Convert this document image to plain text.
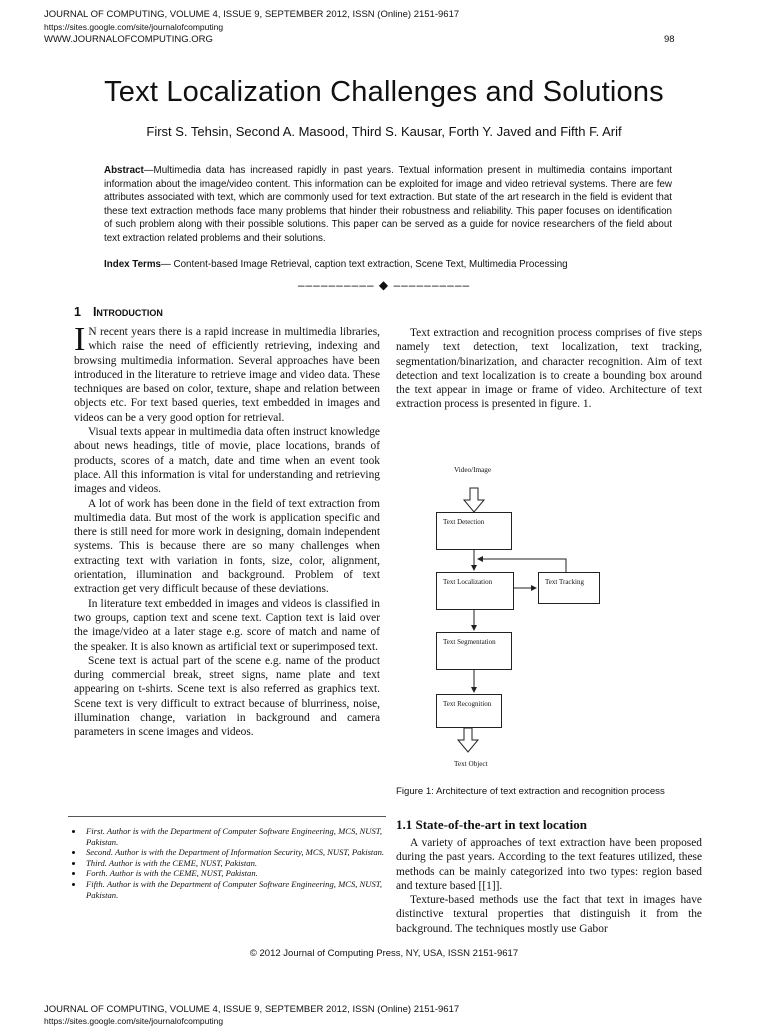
JOURNAL OF COMPUTING, VOLUME 4, ISSUE 9, SEPTEMBER 2012, ISSN (Online) 2151-9617
https://sites.google.com/site/journalofcomputing
WWW.JOURNALOFCOMPUTING.ORG	98
Text Localization Challenges and Solutions
First S. Tehsin, Second A. Masood, Third S. Kausar, Forth Y. Javed and Fifth F. Arif
Abstract—Multimedia data has increased rapidly in past years. Textual information present in multimedia contains important information about the image/video content. This information can be exploited for image and video retrieval systems. There are few attributes associated with text, which are commonly used for text extraction. But state of the art research in the field is evident that these text extraction methods face many problems that hinder their robustness and reliability. This paper focuses on identification of such problem along with their possible solutions. This paper can be served as a guide for novice researchers of the field about text extraction related problems and their solutions.
Index Terms— Content-based Image Retrieval, caption text extraction, Scene Text, Multimedia Processing
–––––––––– ◆ ––––––––––
1 Introduction

I N recent years there is a rapid increase in multimedia libraries, which raise the need of efficiently retrieving, indexing and browsing multimedia information. Several approaches have been introduced in the literature to retrieve image and video data. These techniques are based on color, texture, shape and relation between objects etc. For text based queries, text embedded in images and videos can be a very good option for retrieval.

Visual texts appear in multimedia data often instruct knowledge about news headings, title of movie, place locations, brands of products, scores of a match, date and time when an event took place. All this information is vital for understanding and retrieving images and videos.

A lot of work has been done in the field of text extraction from multimedia data. But most of the work is application specific and there is still need for more work in designing, domain independent systems. This is because there are so many challenges when extracting text with variation in fonts, size, color, alignment, orientation, illumination and background. Problem of text extraction get very difficult because of these deviations.

In literature text embedded in images and videos is classified in two groups, caption text and scene text. Caption text is laid over the image/video at a later stage e.g. score of match and name of the speaker. It is also known as artificial text or superimposed text.

Scene text is actual part of the scene e.g. name of the product during commercial break, street signs, name plate and text appearing on t-shirts. Scene text is also referred as graphics text. Scene text is very difficult to extract because of blurriness, noise, illumination change, variation in background and camera parameters in scene images and videos.

• First. Author is with the Department of Computer Software Engineering, MCS, NUST, Pakistan.
• Second. Author is with the Department of Information Security, MCS, NUST, Pakistan.
• Third. Author is with the CEME, NUST, Pakistan.
• Forth. Author is with the CEME, NUST, Pakistan.
• Fifth. Author is with the Department of Computer Software Engineering, MCS, NUST, Pakistan.

Text extraction and recognition process comprises of five steps namely text detection, text localization, text tracking, segmentation/binarization, and character recognition. Aim of text detection and text localization is to create a bounding box around the text appear in image or frame of video. Architecture of text extraction process is presented in figure. 1.

Video/Image
Text Detection
Text Localization	Text Tracking
Text Segmentation
Text Recognition
Text Object
Figure 1: Architecture of text extraction and recognition process
1.1 State-of-the-art in text location

A variety of approaches of text extraction have been proposed during the past years. According to the text features utilized, these methods can be mainly categorized into two types: region based and texture based [[1]].

Texture-based methods use the fact that text in images have distinctive textural properties that distinguish it from the background. The techniques mostly use Gabor

© 2012 Journal of Computing Press, NY, USA, ISSN 2151-9617
JOURNAL OF COMPUTING, VOLUME 4, ISSUE 9, SEPTEMBER 2012, ISSN (Online) 2151-9617
https://sites.google.com/site/journalofcomputing
